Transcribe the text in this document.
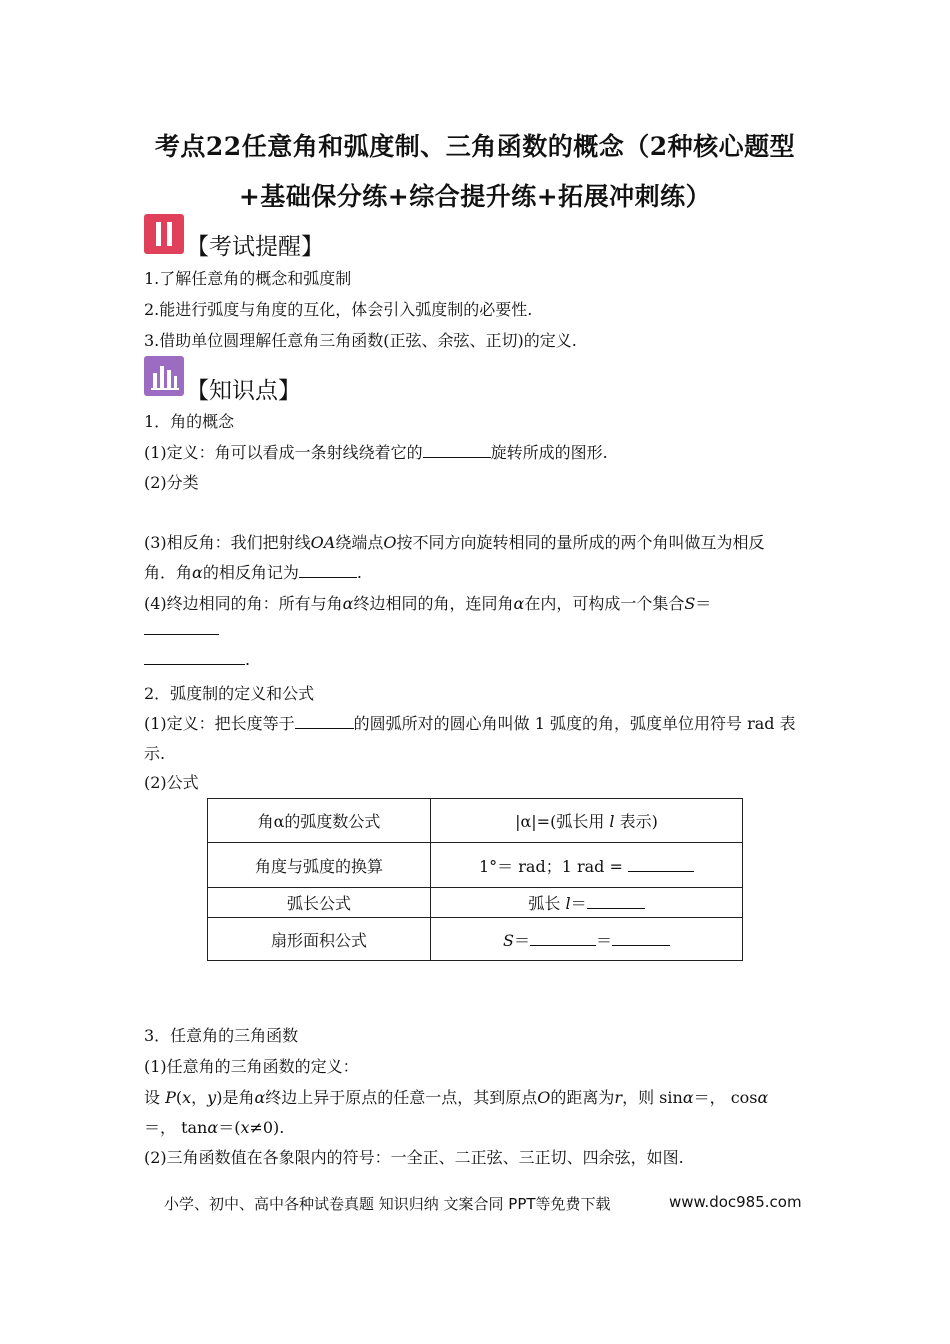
考点22任意角和弧度制、三角函数的概念（2种核心题型
+基础保分练+综合提升练+拓展冲刺练）
【考试提醒】
1.了解任意角的概念和弧度制
2.能进行弧度与角度的互化，体会引入弧度制的必要性.
3.借助单位圆理解任意角三角函数(正弦、余弦、正切)的定义.
【知识点】
1．角的概念
(1)定义：角可以看成一条射线绕着它的	旋转所成的图形.
(2)分类
(3)相反角：我们把射线OA绕端点O按不同方向旋转相同的量所成的两个角叫做互为相反
角．角α的相反角记为	.
(4)终边相同的角：所有与角α终边相同的角，连同角α在内，可构成一个集合S＝
.
2．弧度制的定义和公式
(1)定义：把长度等于	的圆弧所对的圆心角叫做 1 弧度的角，弧度单位用符号 rad 表
示.
(2)公式
角α的弧度数公式	|α|=(弧长用 l 表示)
角度与弧度的换算	1°＝ rad；1 rad =
弧长公式	弧长 l＝
扇形面积公式	S＝ ＝
3．任意角的三角函数
(1)任意角的三角函数的定义：
设 P(x，y)是角α终边上异于原点的任意一点，其到原点O的距离为r，则 sinα＝， cosα
＝， tanα＝(x≠0).
(2)三角函数值在各象限内的符号：一全正、二正弦、三正切、四余弦，如图.
小学、初中、高中各种试卷真题 知识归纳 文案合同 PPT等免费下载	www.doc985.com
